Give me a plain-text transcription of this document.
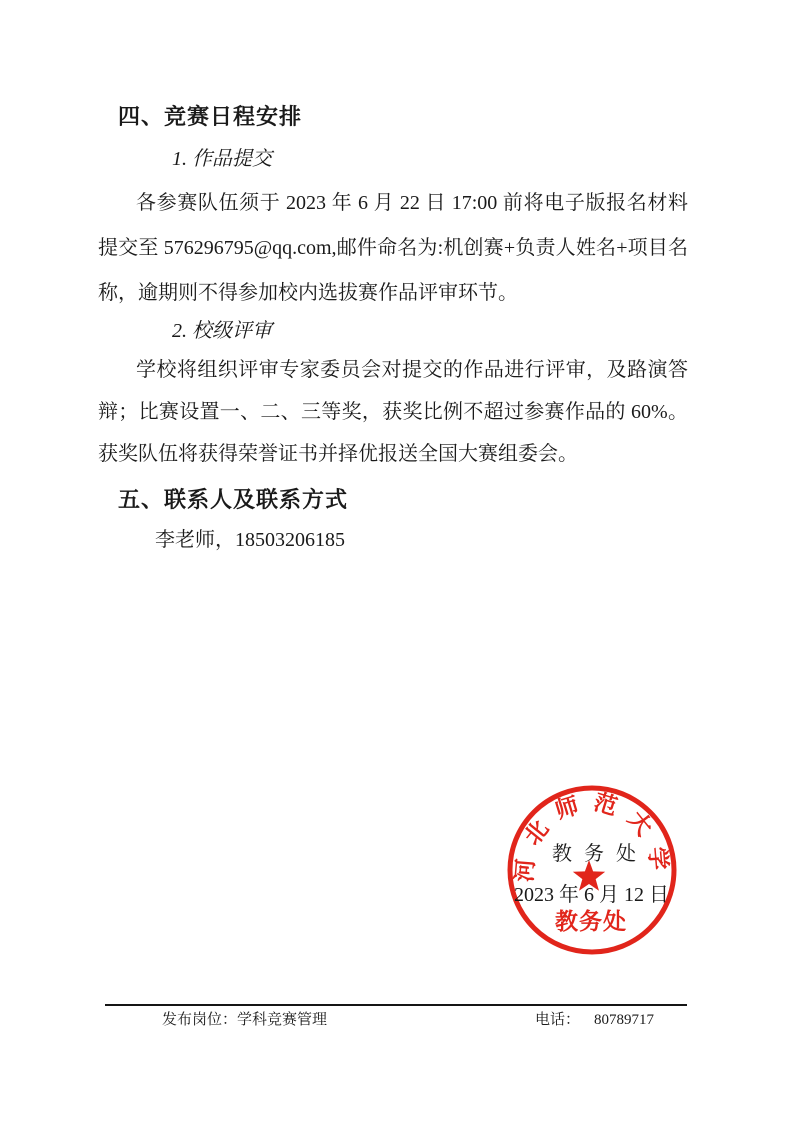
四、竞赛日程安排
1. 作品提交

各参赛队伍须于 2023 年 6 月 22 日 17:00 前将电子版报名材料提交至 576296795@qq.com,邮件命名为:机创赛+负责人姓名+项目名称，逾期则不得参加校内选拔赛作品评审环节。

2. 校级评审

学校将组织评审专家委员会对提交的作品进行评审，及路演答辩；比赛设置一、二、三等奖，获奖比例不超过参赛作品的 60%。获奖队伍将获得荣誉证书并择优报送全国大赛组委会。

五、联系人及联系方式
李老师，18503206185
河北师范大学
教务处
教 务 处
2023 年 6 月 12 日
发布岗位：学科竞赛管理	电话： 80789717
